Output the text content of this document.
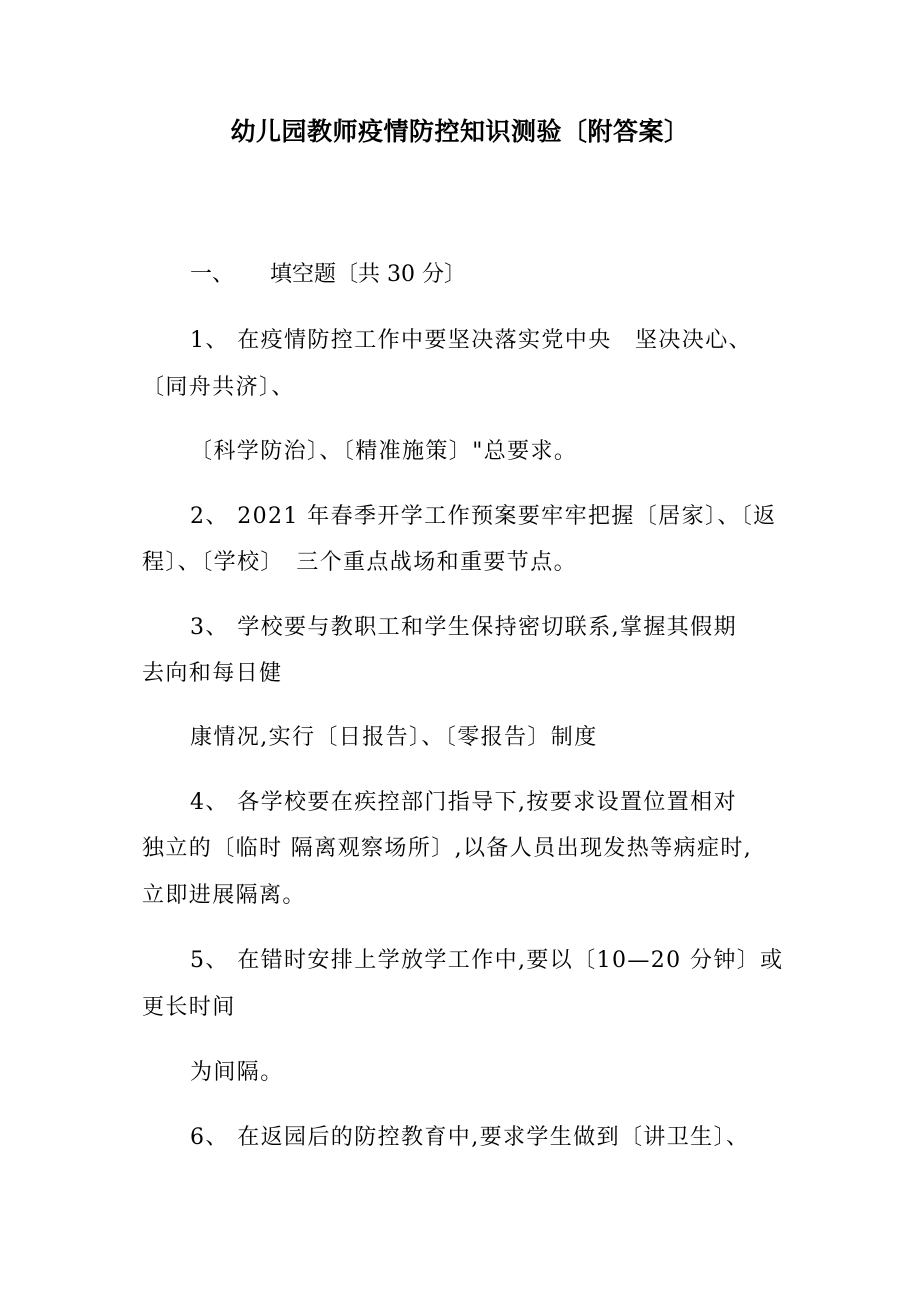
幼儿园教师疫情防控知识测验〔附答案〕
一、 填空题〔共 30 分〕
1、 在疫情防控工作中要坚决落实党中央　坚决决心、
〔同舟共济〕、
〔科学防治〕、〔精准施策〕"总要求。
2、 2021 年春季开学工作预案要牢牢把握〔居家〕、〔返
程〕、〔学校〕　三个重点战场和重要节点。
3、 学校要与教职工和学生保持密切联系,掌握其假期
去向和每日健
康情况,实行〔日报告〕、〔零报告〕制度
4、 各学校要在疾控部门指导下,按要求设置位置相对
独立的〔临时 隔离观察场所〕,以备人员出现发热等病症时,
立即进展隔离。
5、 在错时安排上学放学工作中,要以〔10—20 分钟〕或
更长时间
为间隔。
6、 在返园后的防控教育中,要求学生做到〔讲卫生〕、
